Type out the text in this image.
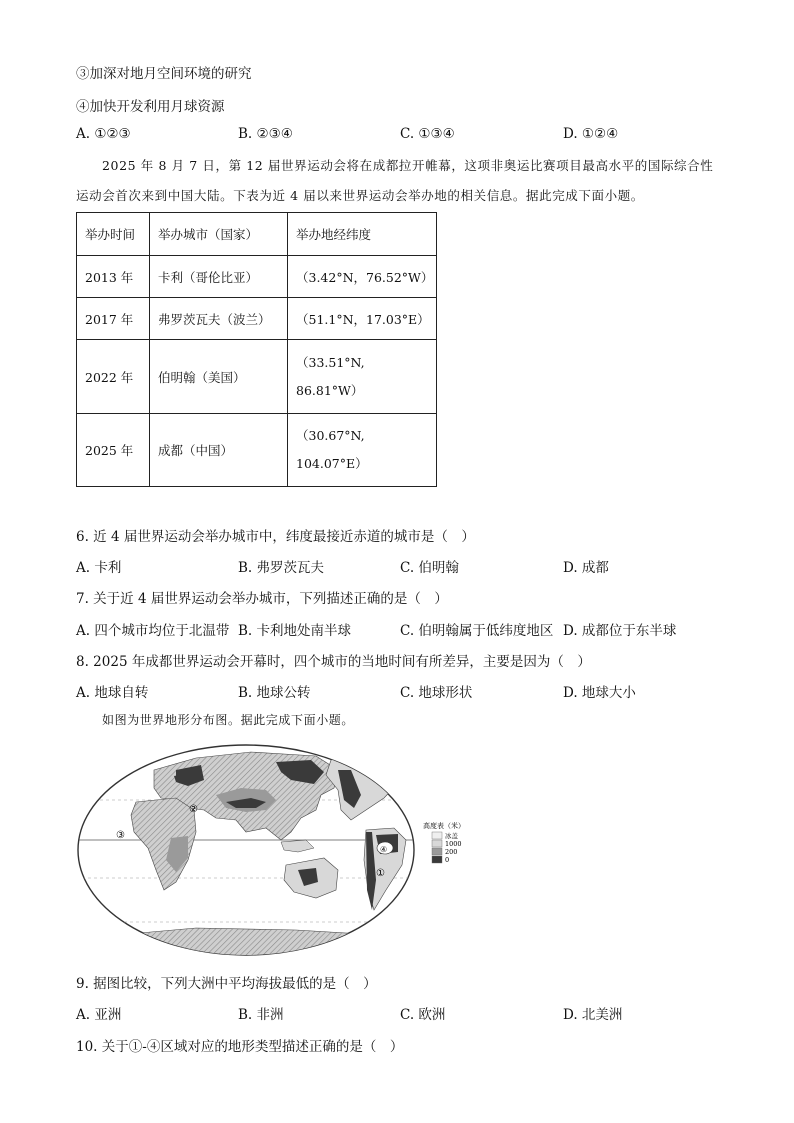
③加深对地月空间环境的研究
④加快开发利用月球资源
A. ①②③	B. ②③④	C. ①③④	D. ①②④

2025 年 8 月 7 日，第 12 届世界运动会将在成都拉开帷幕，这项非奥运比赛项目最高水平的国际综合性运动会首次来到中国大陆。下表为近 4 届以来世界运动会举办地的相关信息。据此完成下面小题。

举办时间	举办城市（国家）	举办地经纬度
2013 年	卡利（哥伦比亚）	（3.42°N，76.52°W）
2017 年	弗罗茨瓦夫（波兰）	（51.1°N，17.03°E）
2022 年	伯明翰（美国）	（33.51°N,
86.81°W）

2025 年	成都（中国）	（30.67°N,
104.07°E）
6. 近 4 届世界运动会举办城市中，纬度最接近赤道的城市是（　）
A. 卡利	B. 弗罗茨瓦夫	C. 伯明翰	D. 成都
7. 关于近 4 届世界运动会举办城市，下列描述正确的是（　）
A. 四个城市均位于北温带 B. 卡利地处南半球	C. 伯明翰属于低纬度地区 D. 成都位于东半球
8. 2025 年成都世界运动会开幕时，四个城市的当地时间有所差异，主要是因为（　）
A. 地球自转	B. 地球公转	C. 地球形状	D. 地球大小

如图为世界地形分布图。据此完成下面小题。

②
③
④
①
高度表（米）
冰盖
1000
200
0
9. 据图比较，下列大洲中平均海拔最低的是（　）
A. 亚洲	B. 非洲	C. 欧洲	D. 北美洲
10. 关于①-④区域对应的地形类型描述正确的是（　）
